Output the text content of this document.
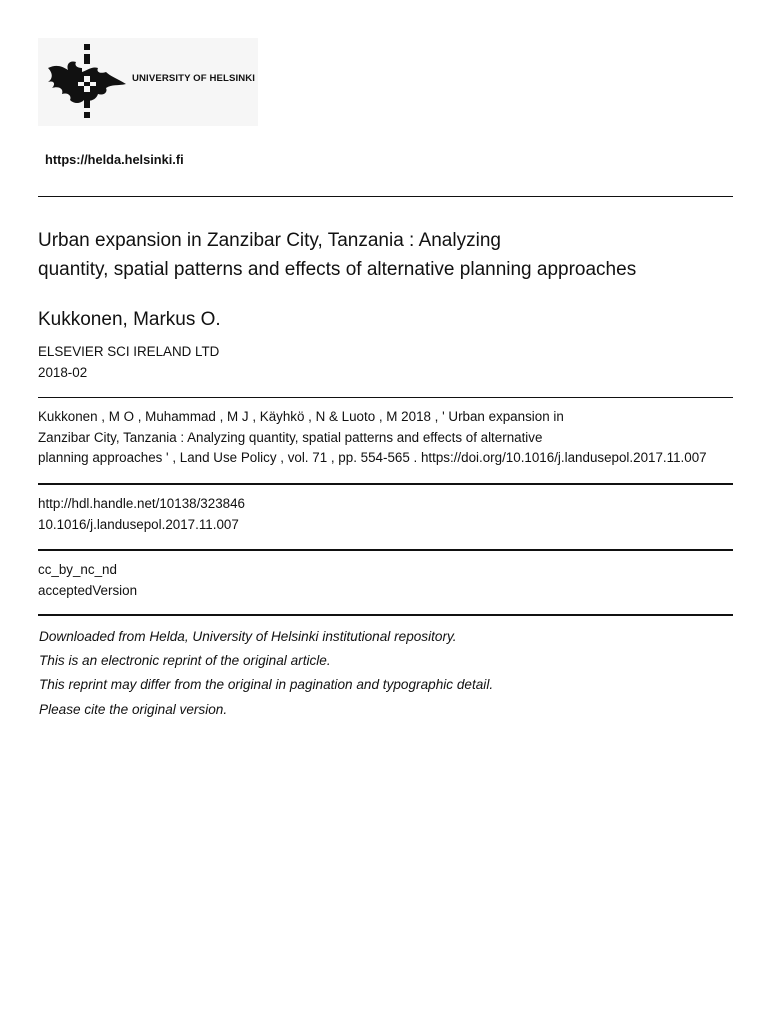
UNIVERSITY OF HELSINKI
https://helda.helsinki.fi
Urban expansion in Zanzibar City, Tanzania : Analyzing
quantity, spatial patterns and effects of alternative planning approaches
Kukkonen, Markus O.
ELSEVIER SCI IRELAND LTD
2018-02
Kukkonen , M O , Muhammad , M J , Käyhkö , N & Luoto , M 2018 , ' Urban expansion in
Zanzibar City, Tanzania : Analyzing quantity, spatial patterns and effects of alternative
planning approaches ' , Land Use Policy , vol. 71 , pp. 554-565 . https://doi.org/10.1016/j.landusepol.2017.11.007
http://hdl.handle.net/10138/323846
10.1016/j.landusepol.2017.11.007
cc_by_nc_nd
acceptedVersion
Downloaded from Helda, University of Helsinki institutional repository.
This is an electronic reprint of the original article.
This reprint may differ from the original in pagination and typographic detail.
Please cite the original version.
